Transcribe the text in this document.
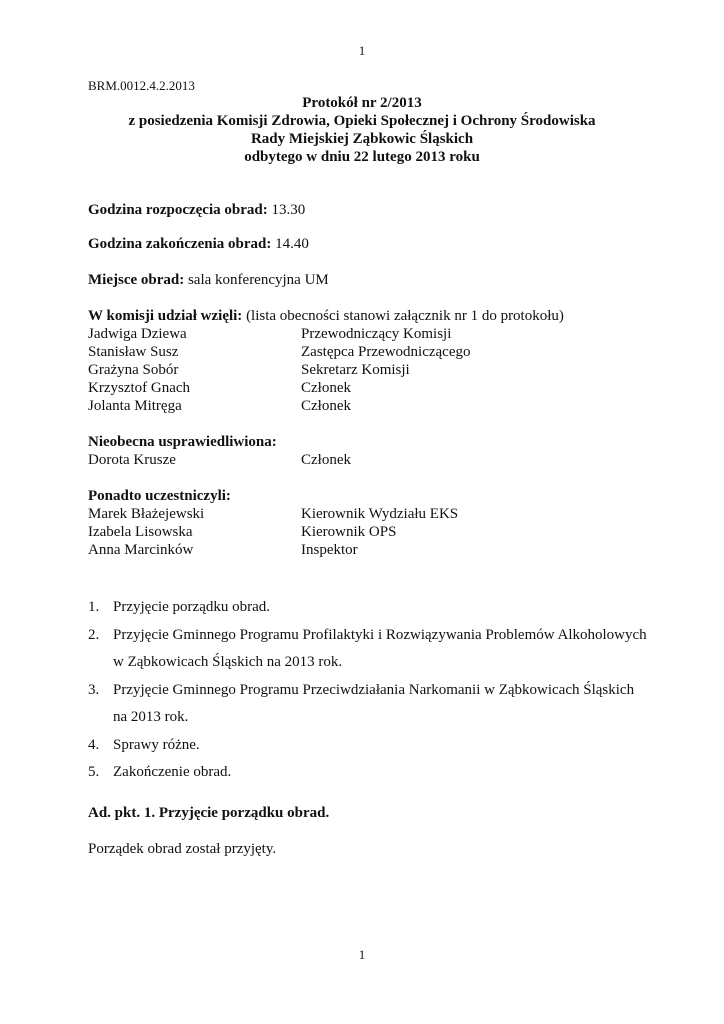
1
BRM.0012.4.2.2013
Protokół nr 2/2013
z posiedzenia Komisji Zdrowia, Opieki Społecznej i Ochrony Środowiska
Rady Miejskiej Ząbkowic Śląskich
odbytego w dniu 22 lutego 2013 roku
Godzina rozpoczęcia obrad: 13.30
Godzina zakończenia obrad: 14.40
Miejsce obrad: sala konferencyjna UM
W komisji udział wzięli: (lista obecności stanowi załącznik nr 1 do protokołu)
Jadwiga Dziewa	Przewodniczący Komisji
Stanisław Susz	Zastępca Przewodniczącego
Grażyna Sobór	Sekretarz Komisji
Krzysztof Gnach	Członek
Jolanta Mitręga	Członek
Nieobecna usprawiedliwiona:
Dorota Krusze	Członek
Ponadto uczestniczyli:
Marek Błażejewski	Kierownik Wydziału EKS
Izabela Lisowska	Kierownik OPS
Anna Marcinków	Inspektor
1. Przyjęcie porządku obrad.
2. Przyjęcie Gminnego Programu Profilaktyki i Rozwiązywania Problemów Alkoholowych w Ząbkowicach Śląskich na 2013 rok.
3. Przyjęcie Gminnego Programu Przeciwdziałania Narkomanii w Ząbkowicach Śląskich na 2013 rok.
4. Sprawy różne.
5. Zakończenie obrad.
Ad. pkt. 1. Przyjęcie porządku obrad.
Porządek obrad został przyjęty.
1
